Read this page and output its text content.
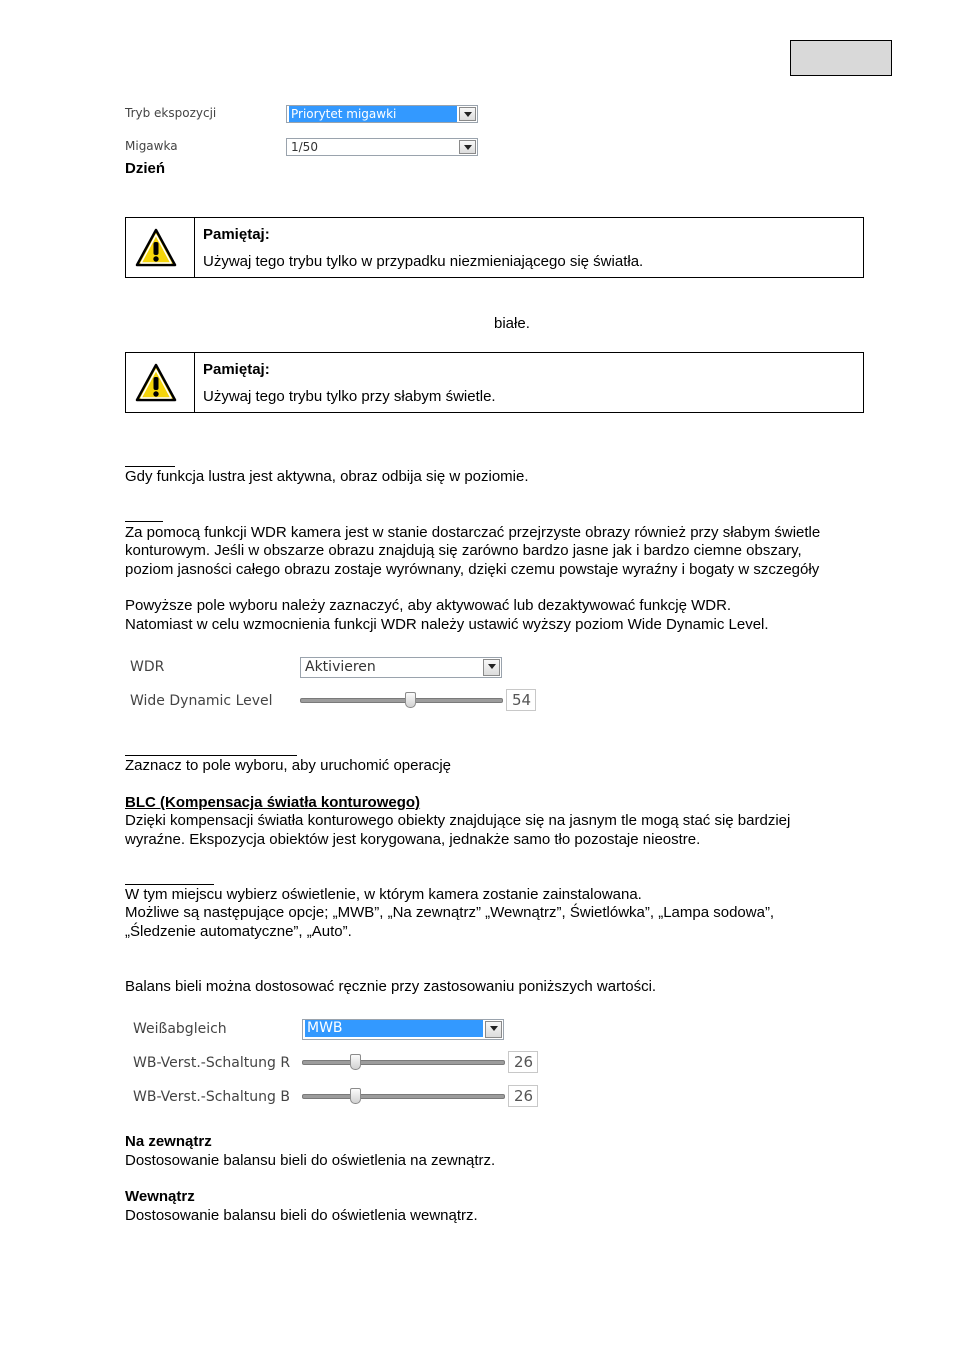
Tryb ekspozycji	Priorytet migawki
Migawka	1/50
Dzień
Pamiętaj:
Używaj tego trybu tylko w przypadku niezmieniającego się światła.
białe.
Pamiętaj:
Używaj tego trybu tylko przy słabym świetle.
Gdy funkcja lustra jest aktywna, obraz odbija się w poziomie.
Za pomocą funkcji WDR kamera jest w stanie dostarczać przejrzyste obrazy również przy słabym świetle
konturowym. Jeśli w obszarze obrazu znajdują się zarówno bardzo jasne jak i bardzo ciemne obszary,
poziom jasności całego obrazu zostaje wyrównany, dzięki czemu powstaje wyraźny i bogaty w szczegóły
Powyższe pole wyboru należy zaznaczyć, aby aktywować lub dezaktywować funkcję WDR.
Natomiast w celu wzmocnienia funkcji WDR należy ustawić wyższy poziom Wide Dynamic Level.
WDR	Aktivieren
Wide Dynamic Level	54
Zaznacz to pole wyboru, aby uruchomić operację
BLC (Kompensacja światła konturowego)
Dzięki kompensacji światła konturowego obiekty znajdujące się na jasnym tle mogą stać się bardziej
wyraźne. Ekspozycja obiektów jest korygowana, jednakże samo tło pozostaje nieostre.
W tym miejscu wybierz oświetlenie, w którym kamera zostanie zainstalowana.
Możliwe są następujące opcje; „MWB”, „Na zewnątrz” „Wewnątrz”, Świetlówka”, „Lampa sodowa”,
„Śledzenie automatyczne”, „Auto”.
Balans bieli można dostosować ręcznie przy zastosowaniu poniższych wartości.
Weißabgleich	MWB
WB-Verst.-Schaltung R	26
WB-Verst.-Schaltung B	26
Na zewnątrz
Dostosowanie balansu bieli do oświetlenia na zewnątrz.
Wewnątrz
Dostosowanie balansu bieli do oświetlenia wewnątrz.
